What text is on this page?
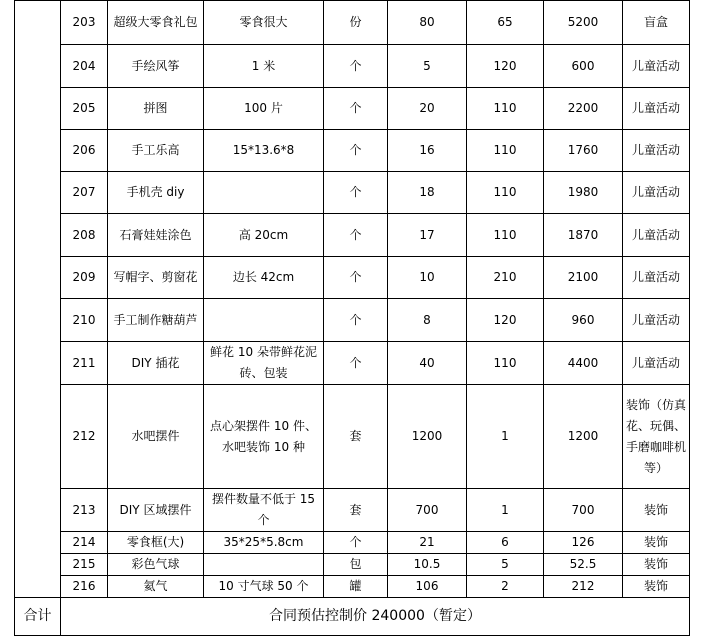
	203	超级大零食礼包	零食很大	份	80	65	5200	盲盒
	204	手绘风筝	1 米	个	5	120	600	儿童活动
	205	拼图	100 片	个	20	110	2200	儿童活动
	206	手工乐高	15*13.6*8	个	16	110	1760	儿童活动
	207	手机壳 diy		个	18	110	1980	儿童活动
	208	石膏娃娃涂色	高 20cm	个	17	110	1870	儿童活动
	209	写帽字、剪窗花	边长 42cm	个	10	210	2100	儿童活动
	210	手工制作糖葫芦		个	8	120	960	儿童活动
	211	DIY 插花	鲜花 10 朵带鲜花泥砖、包装	个	40	110	4400	儿童活动
	212	水吧摆件	点心架摆件 10 件、水吧装饰 10 种	套	1200	1	1200	装饰（仿真花、玩偶、手磨咖啡机等）
	213	DIY 区域摆件	摆件数量不低于 15 个	套	700	1	700	装饰
	214	零食框(大)	35*25*5.8cm	个	21	6	126	装饰
	215	彩色气球		包	10.5	5	52.5	装饰
	216	氦气	10 寸气球 50 个	罐	106	2	212	装饰
合计	合同预估控制价 240000（暂定）							
